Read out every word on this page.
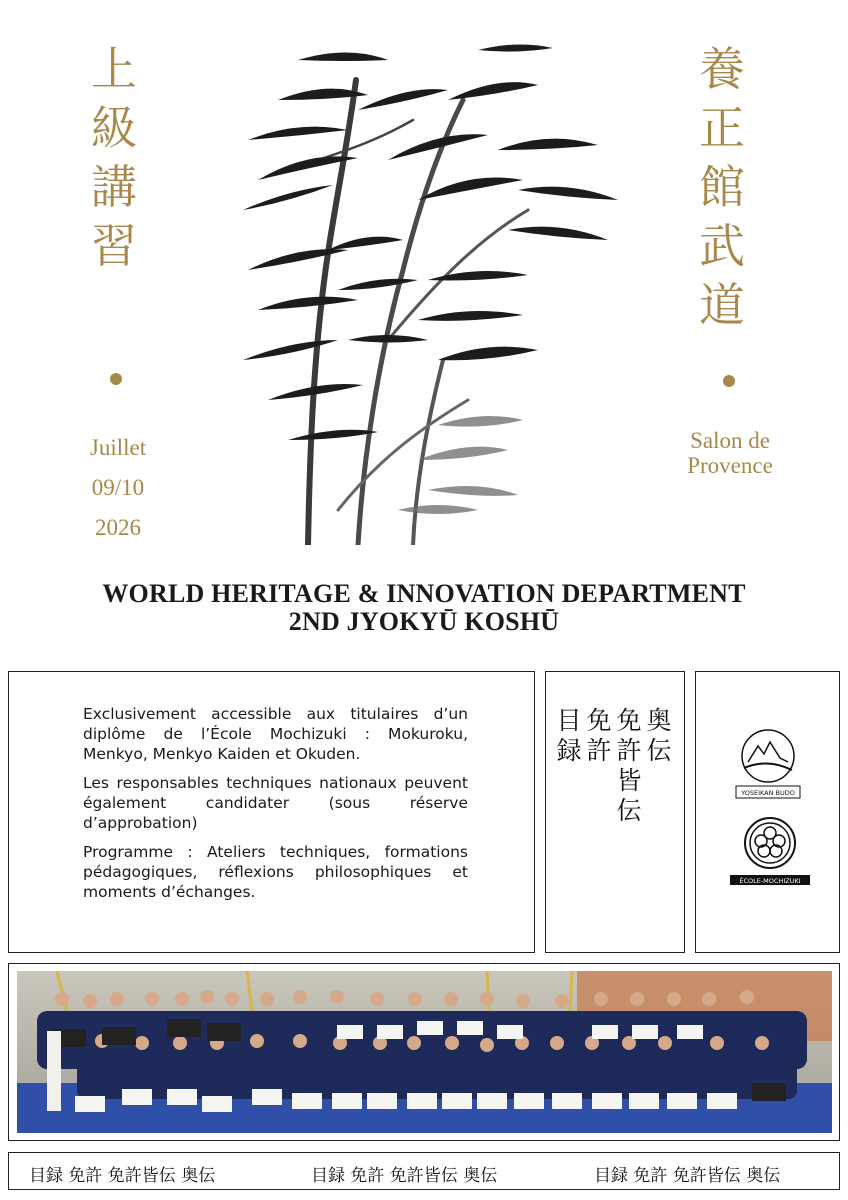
上
級
講
習
養
正
館
武
道
Juillet
09/10
2026
Salon de
Provence
WORLD HERITAGE & INNOVATION DEPARTMENT
2ND JYOKYŪ KOSHŪ

Exclusivement accessible aux titulaires d’un diplôme de l’École Mochizuki : Mokuroku, Menkyo, Menkyo Kaiden et Okuden.

Les responsables techniques nationaux peuvent également candidater (sous réserve d’approbation)

Programme : Ateliers techniques, formations pédagogiques, réflexions philosophiques et moments d’échanges.

奥
伝
免
許
皆
伝
免
許
目
録
YOSEIKAN BUDO
ÉCOLE-MOCHIZUKI
目録 免許 免許皆伝 奥伝	目録 免許 免許皆伝 奥伝	目録 免許 免許皆伝 奥伝
